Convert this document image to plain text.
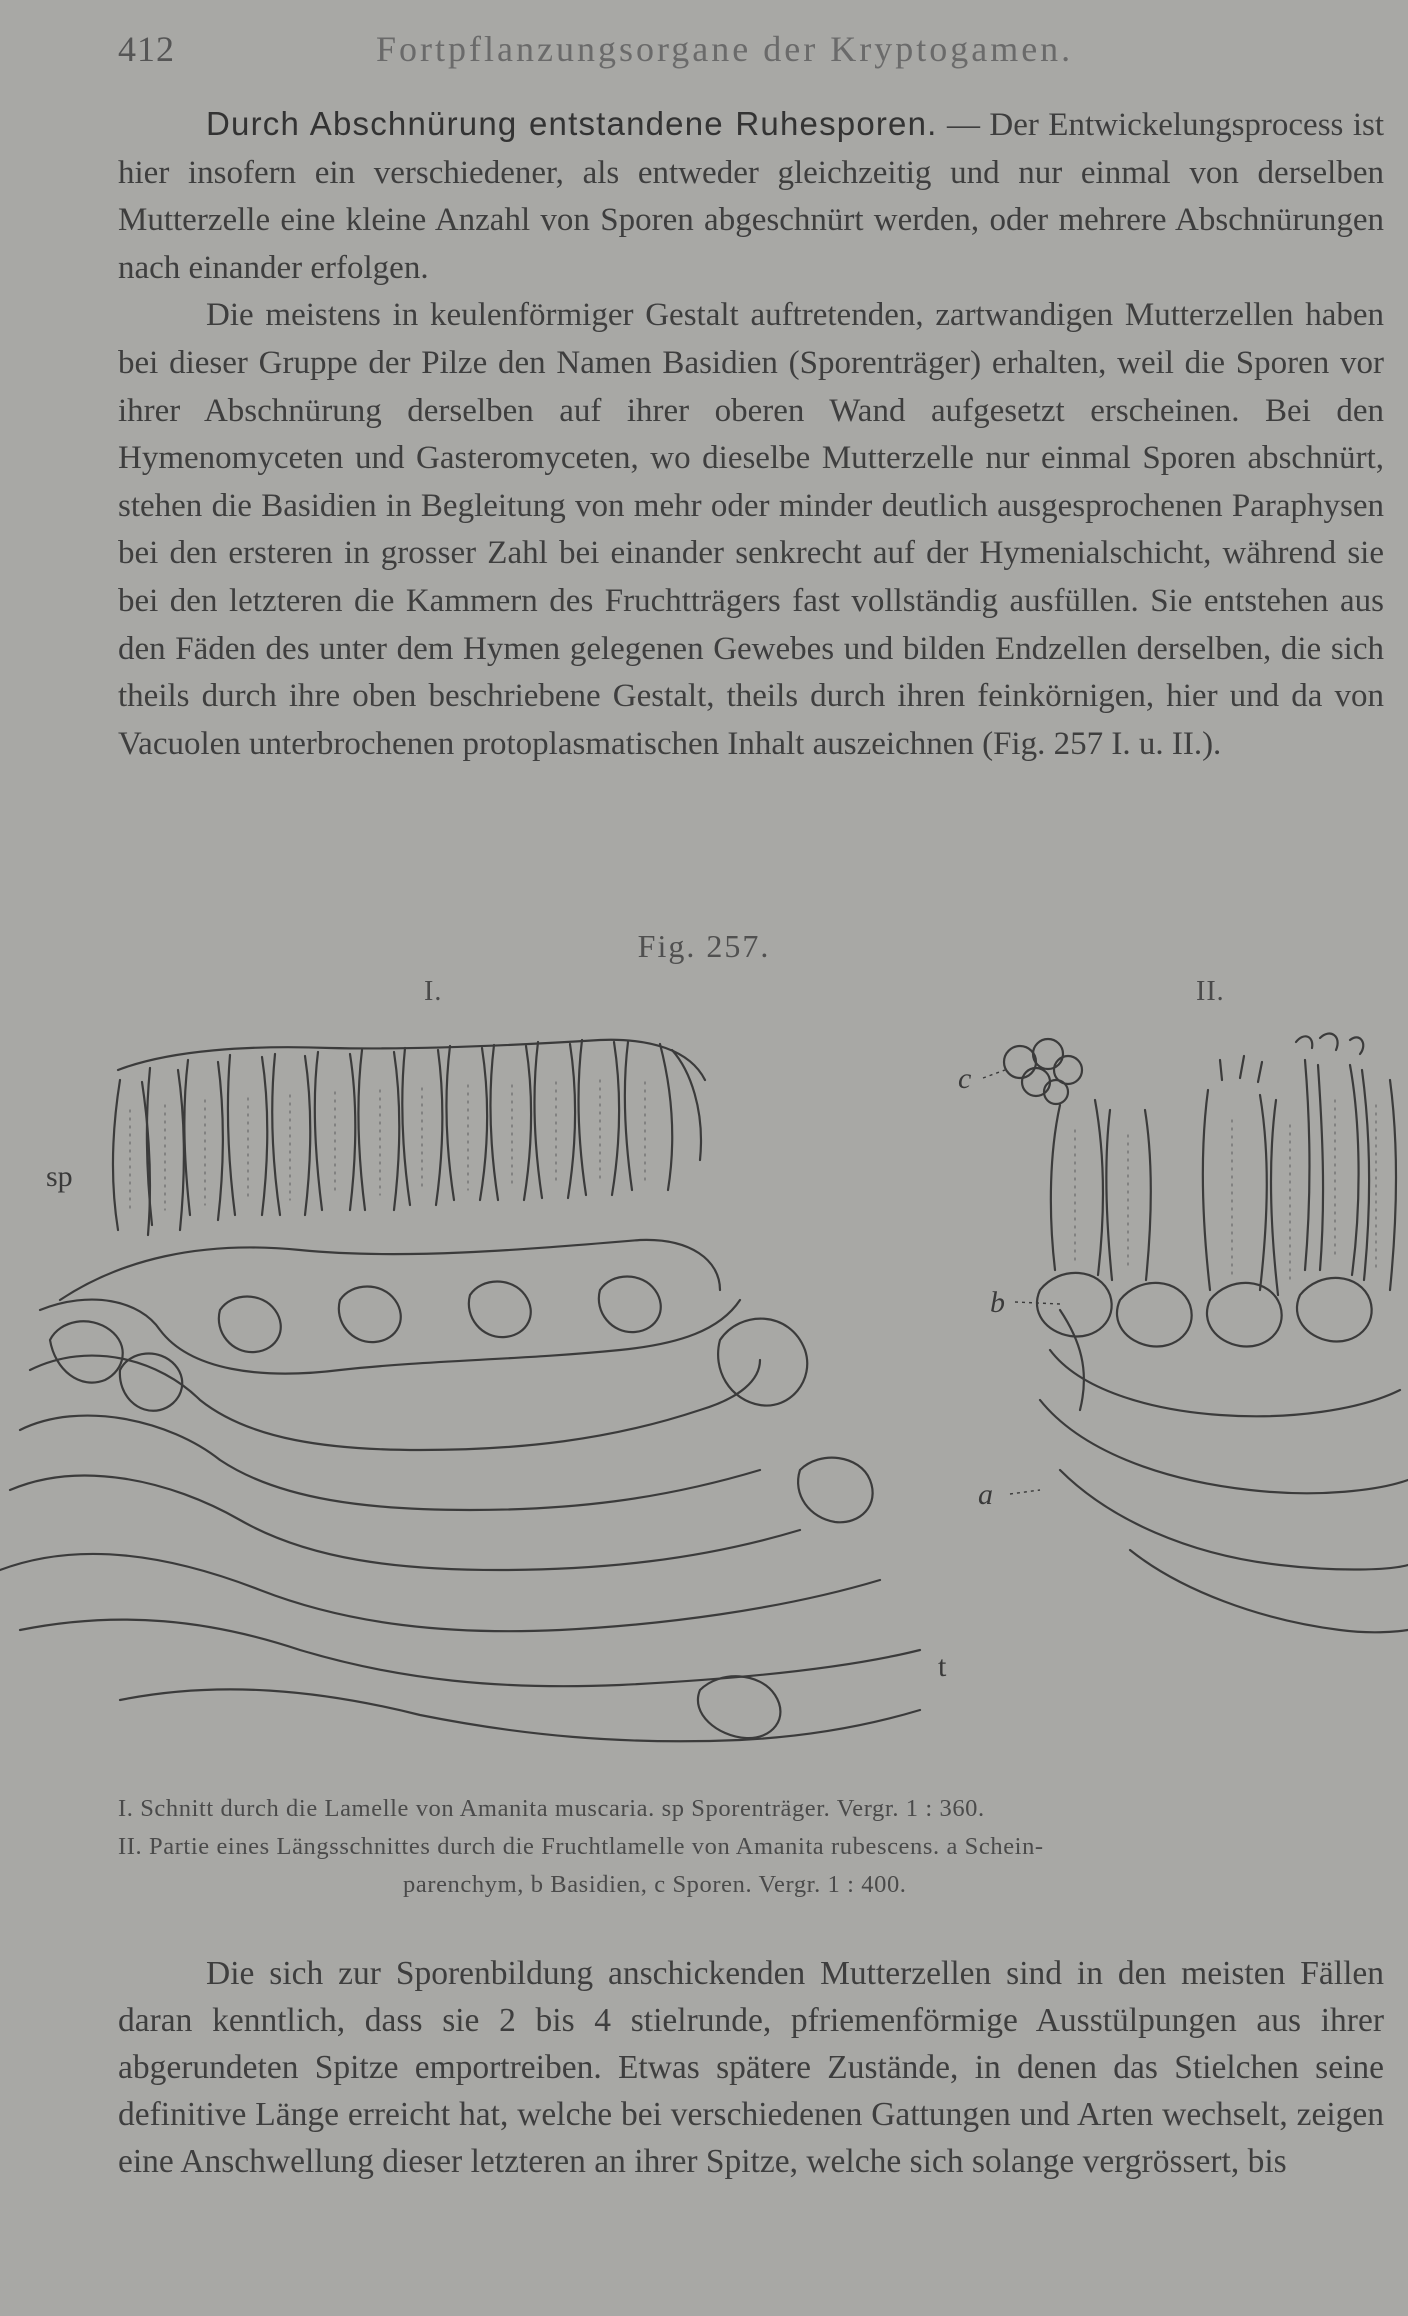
412	Fortpflanzungsorgane der Kryptogamen.

Durch Abschnürung entstandene Ruhesporen. — Der Entwickelungsprocess ist hier insofern ein verschiedener, als entweder gleichzeitig und nur einmal von derselben Mutterzelle eine kleine Anzahl von Sporen abgeschnürt werden, oder mehrere Abschnürungen nach einander erfolgen.

Die meistens in keulenförmiger Gestalt auftretenden, zartwandigen Mutterzellen haben bei dieser Gruppe der Pilze den Namen Basidien (Sporenträger) erhalten, weil die Sporen vor ihrer Abschnürung derselben auf ihrer oberen Wand aufgesetzt erscheinen. Bei den Hymenomyceten und Gasteromyceten, wo dieselbe Mutterzelle nur einmal Sporen abschnürt, stehen die Basidien in Begleitung von mehr oder minder deutlich ausgesprochenen Paraphysen bei den ersteren in grosser Zahl bei einander senkrecht auf der Hymenialschicht, während sie bei den letzteren die Kammern des Fruchtträgers fast vollständig ausfüllen. Sie entstehen aus den Fäden des unter dem Hymen gelegenen Gewebes und bilden Endzellen derselben, die sich theils durch ihre oben beschriebene Gestalt, theils durch ihren feinkörnigen, hier und da von Vacuolen unterbrochenen protoplasmatischen Inhalt auszeichnen (Fig. 257 I. u. II.).

Fig. 257.
I.	II.
sp
t
c
b
a
I. Schnitt durch die Lamelle von Amanita muscaria. sp Sporenträger. Vergr. 1 : 360.
II. Partie eines Längsschnittes durch die Fruchtlamelle von Amanita rubescens. a Schein-
parenchym, b Basidien, c Sporen. Vergr. 1 : 400.

Die sich zur Sporenbildung anschickenden Mutterzellen sind in den meisten Fällen daran kenntlich, dass sie 2 bis 4 stielrunde, pfriemenförmige Ausstülpungen aus ihrer abgerundeten Spitze emportreiben. Etwas spätere Zustände, in denen das Stielchen seine definitive Länge erreicht hat, welche bei verschiedenen Gattungen und Arten wechselt, zeigen eine Anschwellung dieser letzteren an ihrer Spitze, welche sich solange vergrössert, bis
